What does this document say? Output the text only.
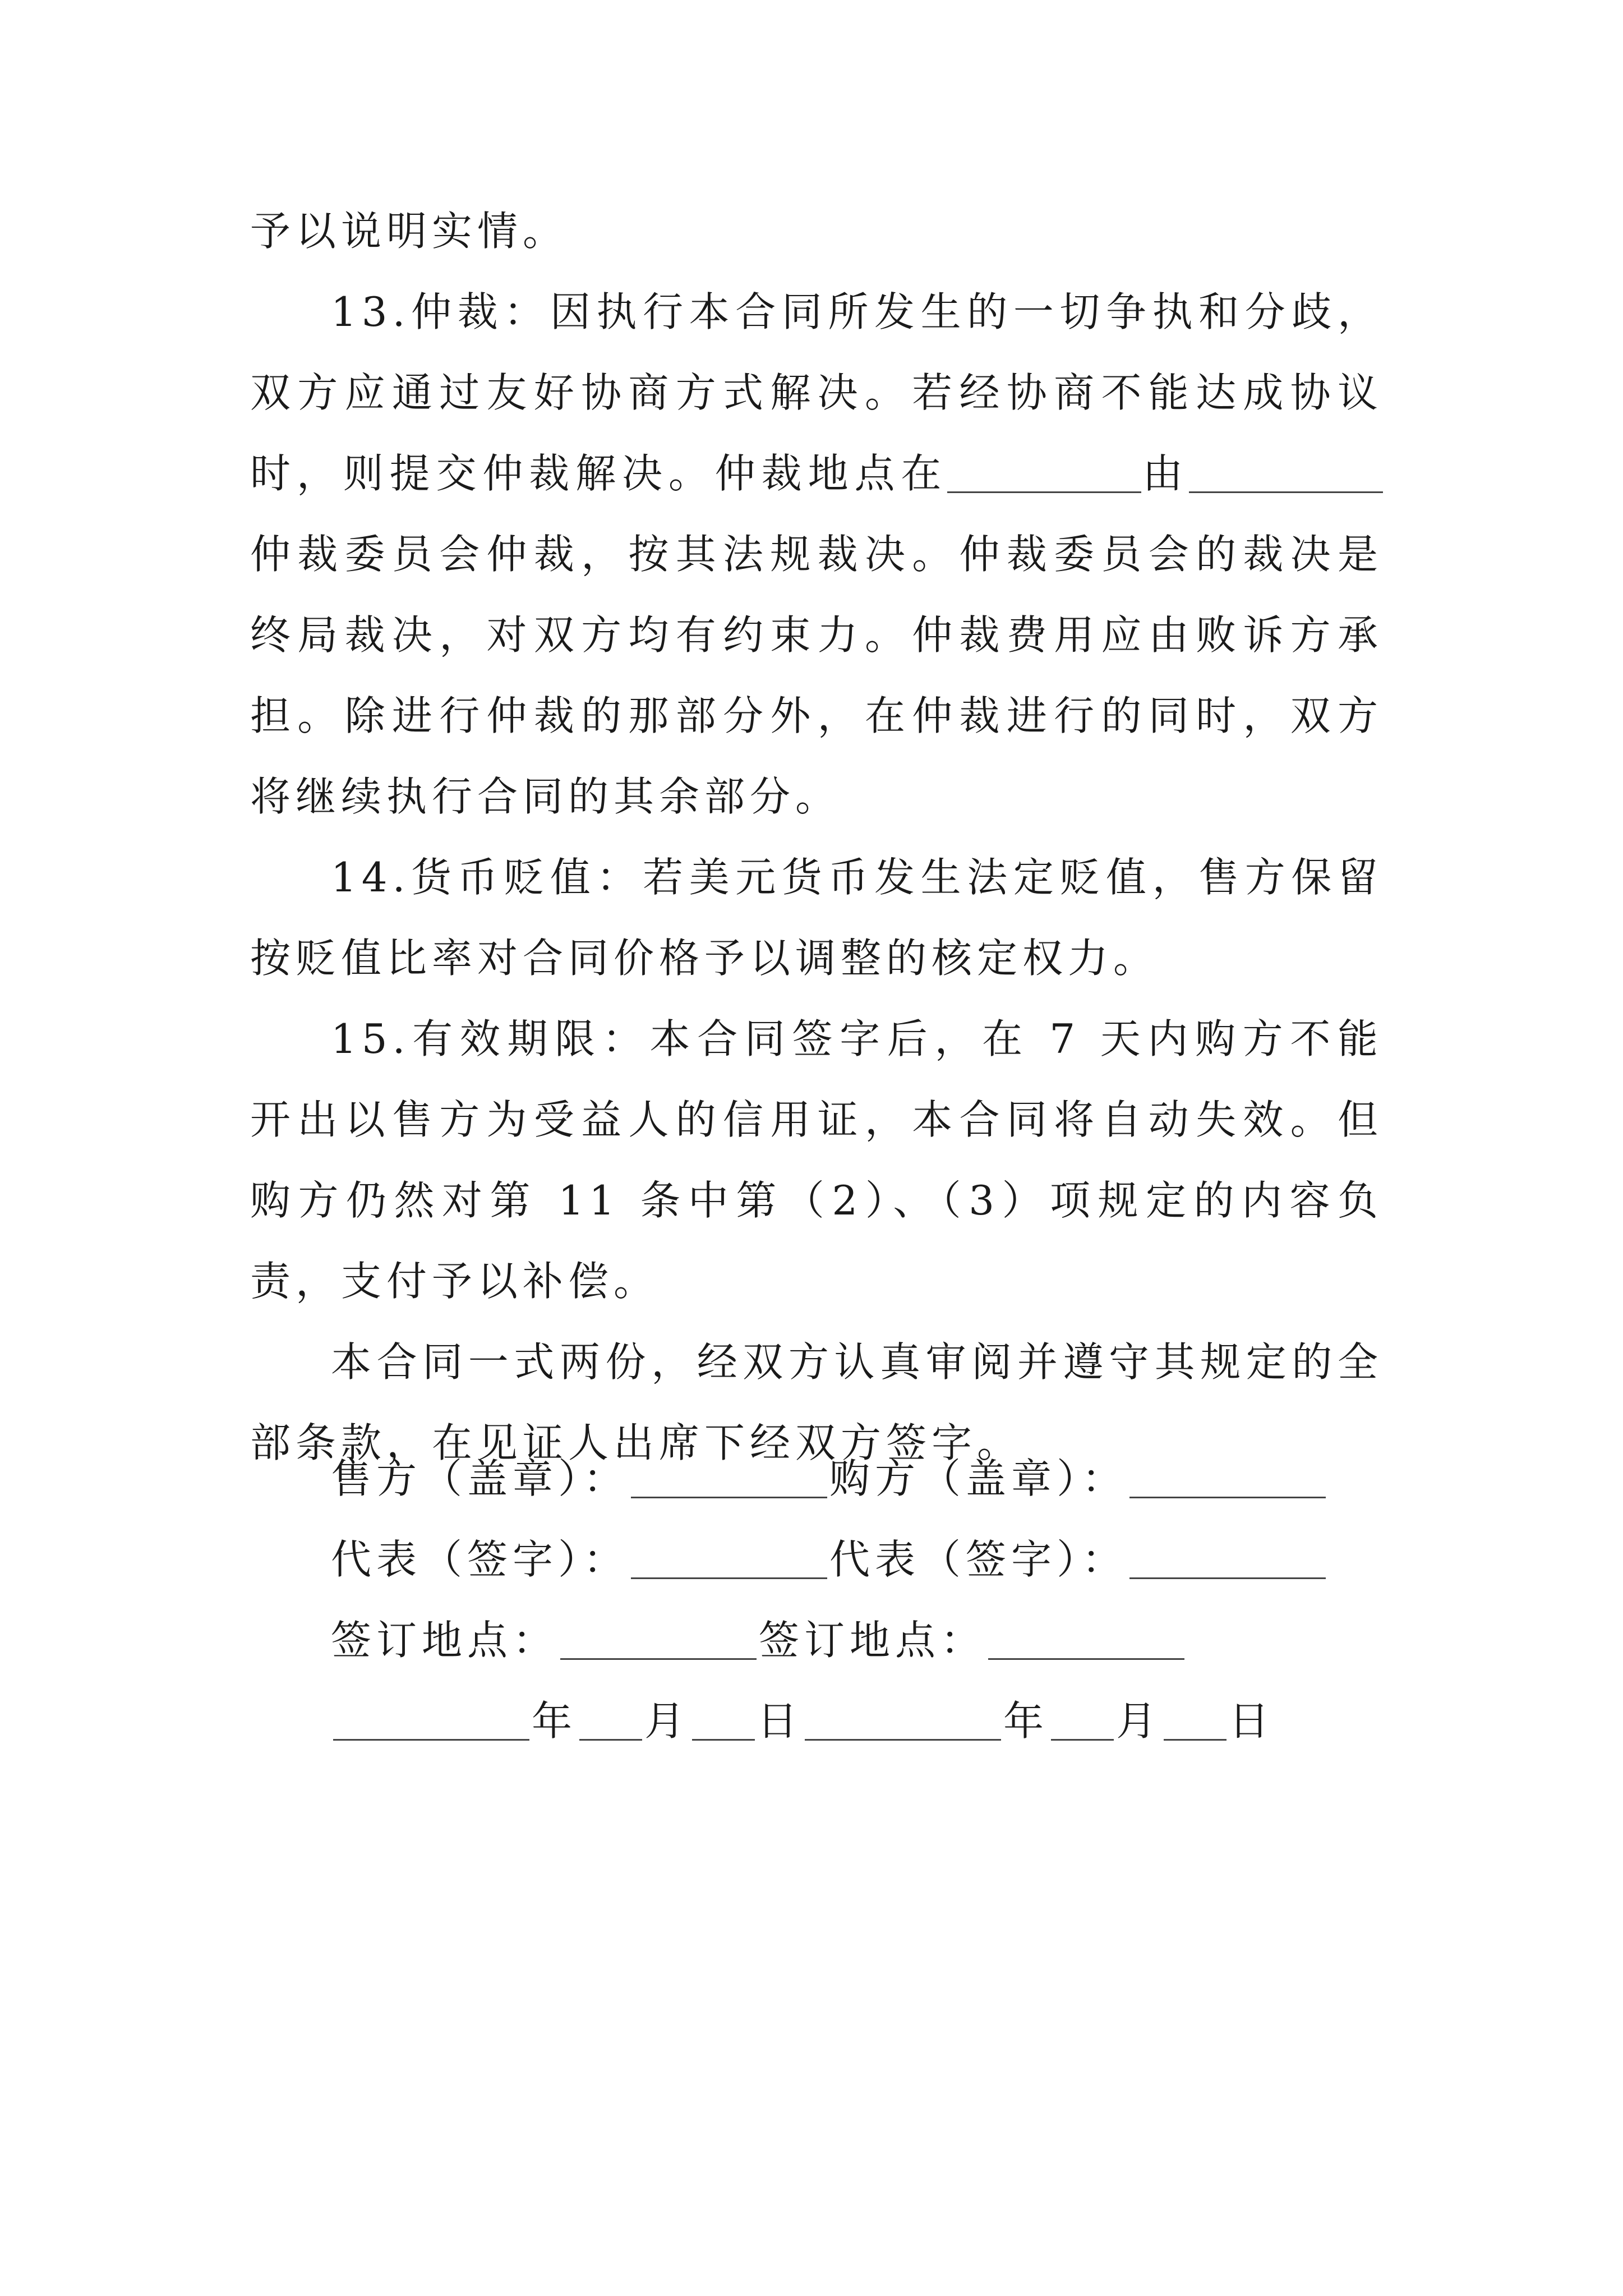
予以说明实情。

13.仲裁：因执行本合同所发生的一切争执和分歧，双方应通过友好协商方式解决。若经协商不能达成协议时，则提交仲裁解决。仲裁地点在	由仲裁委员会仲裁，按其法规裁决。仲裁委员会的裁决是终局裁决，对双方均有约束力。仲裁费用应由败诉方承担。除进行仲裁的那部分外，在仲裁进行的同时，双方将继续执行合同的其余部分。

14.货币贬值：若美元货币发生法定贬值，售方保留按贬值比率对合同价格予以调整的核定权力。

15.有效期限：本合同签字后，在 7 天内购方不能开出以售方为受益人的信用证，本合同将自动失效。但购方仍然对第 11 条中第（2）、（3）项规定的内容负责，支付予以补偿。

本合同一式两份，经双方认真审阅并遵守其规定的全部条款，在见证人出席下经双方签字。

售方（盖章）：	购方（盖章）：
代表（签字）：	代表（签字）：
签订地点：	签订地点：
年 月 日	年 月 日
